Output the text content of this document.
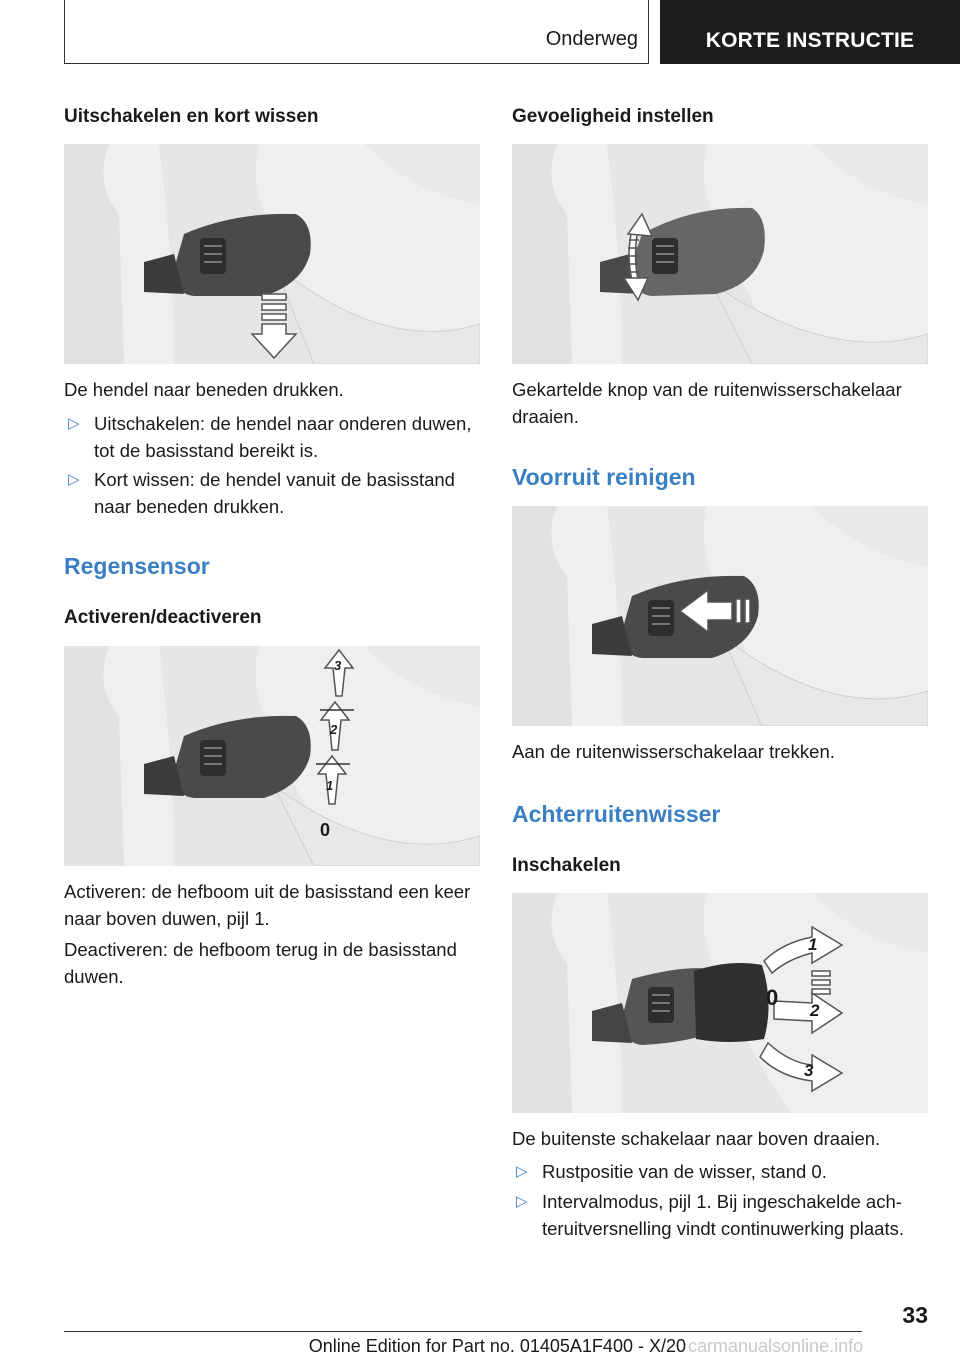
Onderweg	KORTE INSTRUCTIE
Uitschakelen en kort wissen
De hendel naar beneden drukken.
▷ Uitschakelen: de hendel naar onderen duwen, tot de basisstand bereikt is.
▷ Kort wissen: de hendel vanuit de basisstand naar beneden drukken.
Regensensor
Activeren/deactiveren
3
2
1
0
Activeren: de hefboom uit de basisstand een keer naar boven duwen, pijl 1.
Deactiveren: de hefboom terug in de basisstand duwen.
Gevoeligheid instellen
Gekartelde knop van de ruitenwisserschakelaar draaien.
Voorruit reinigen
Aan de ruitenwisserschakelaar trekken.
Achterruitenwisser
Inschakelen
1
0
2
3
De buitenste schakelaar naar boven draaien.
▷ Rustpositie van de wisser, stand 0.
▷ Intervalmodus, pijl 1. Bij ingeschakelde achteruitversnelling vindt continuwerking plaats.
33
Online Edition for Part no. 01405A1F400 - X/20 carmanualsonline.info
